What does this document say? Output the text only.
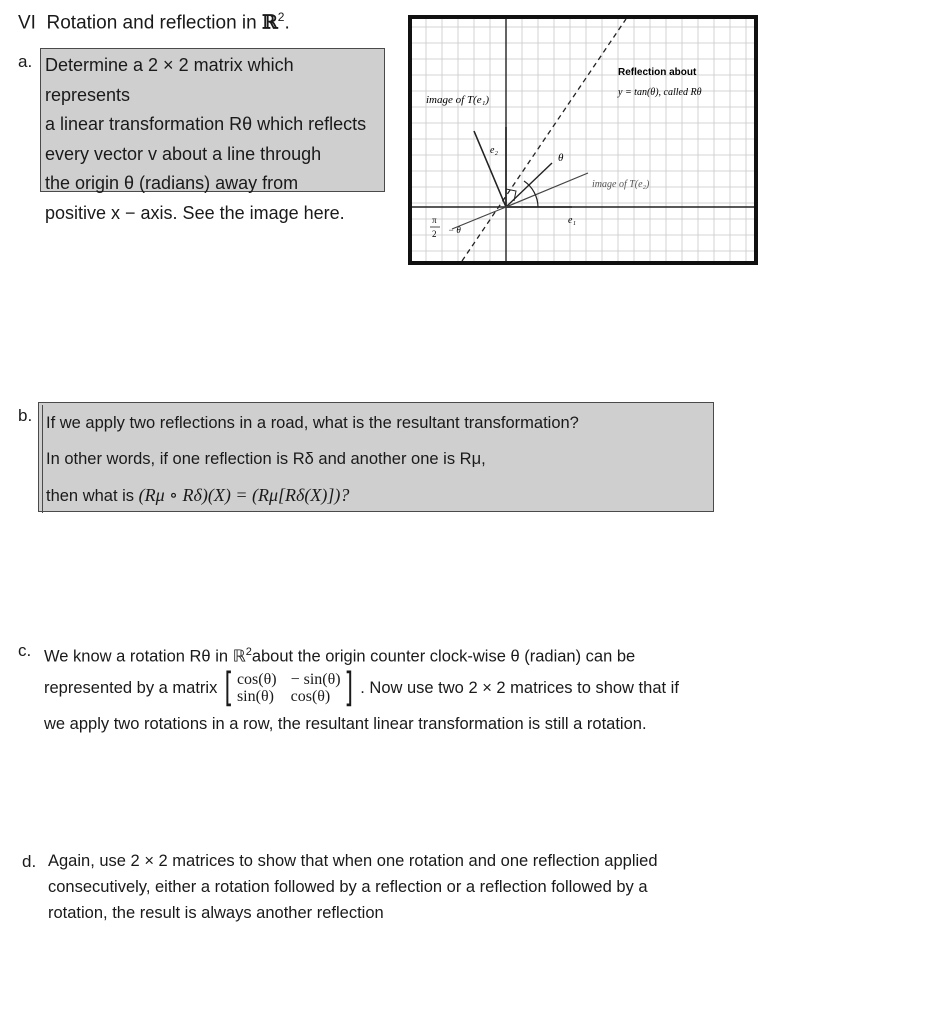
VI Rotation and reflection in ℝ$^2$.
a. Determine a 2 × 2 matrix which represents
a linear transformation Rθ which reflects
every vector v about a line through
the origin θ (radians) away from
positive x − axis. See the image here.
image of T(e₁)
Reflection about
y = tan(θ), called Rθ
image of T(e₂)
e₁
e₂
θ
π
2 − θ
b. If we apply two reflections in a road, what is the resultant transformation?
In other words, if one reflection is Rδ and another one is Rμ,
then what is (Rμ ∘ Rδ)(X) = (Rμ[Rδ(X)])?
c. We know a rotation Rθ in ℝ$^2$about the origin counter clock-wise θ (radian) can be
represented by a matrix [ cos(θ) − sin(θ)
sin(θ) cos(θ) ] . Now use two 2 × 2 matrices to show that if
we apply two rotations in a row, the resultant linear transformation is still a rotation.
d. Again, use 2 × 2 matrices to show that when one rotation and one reflection applied
consecutively, either a rotation followed by a reflection or a reflection followed by a
rotation, the result is always another reflection
